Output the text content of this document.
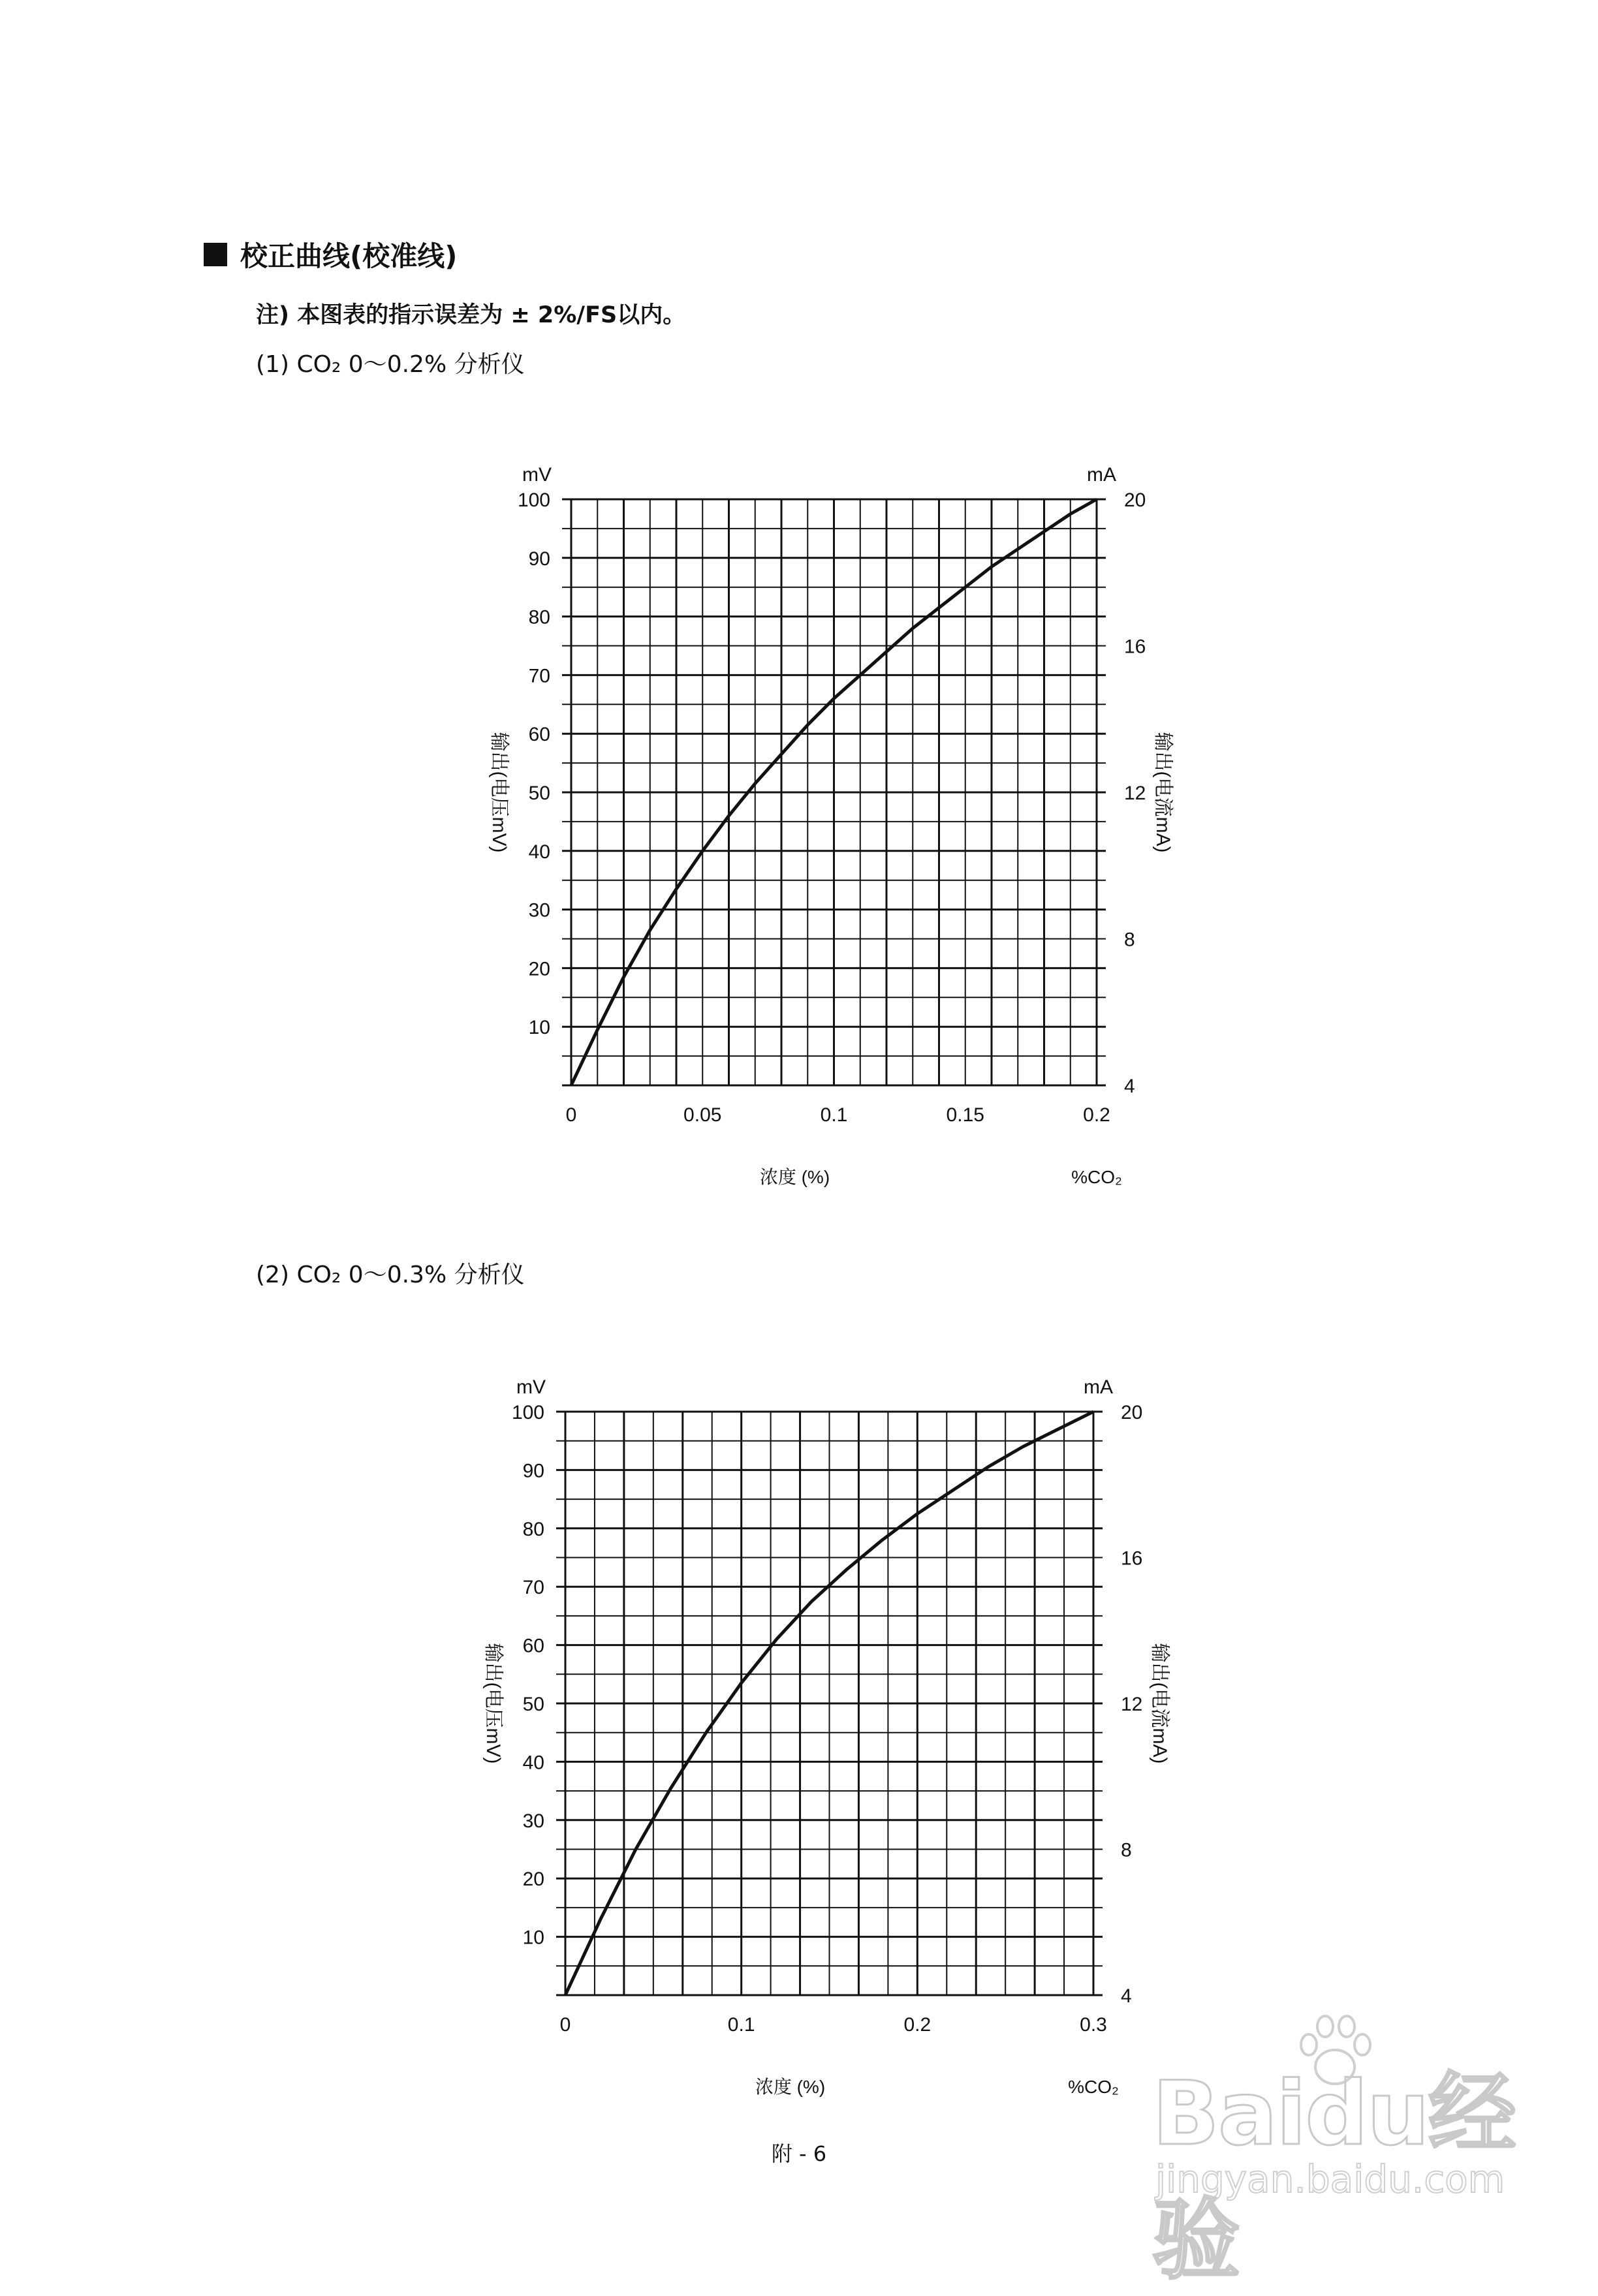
校正曲线(校准线)
注) 本图表的指示误差为 ± 2%/FS以内。
(1) CO₂ 0～0.2% 分析仪
(2) CO₂ 0～0.3% 分析仪
10
20
30
40
50
60
70
80
90
100
4
8
12
16
20
0	0.05	0.1	0.15	0.2
mV	mA
输出(电压mV)	输出(电流mA)
浓度 (%)	%CO₂
10
20
30
40
50
60
70
80
90
100
4
8
12
16
20
0	0.1	0.2	0.3
mV	mA
输出(电压mV)	输出(电流mA)
浓度 (%)	%CO₂
附 - 6	Baidu经验
jingyan.baidu.com
